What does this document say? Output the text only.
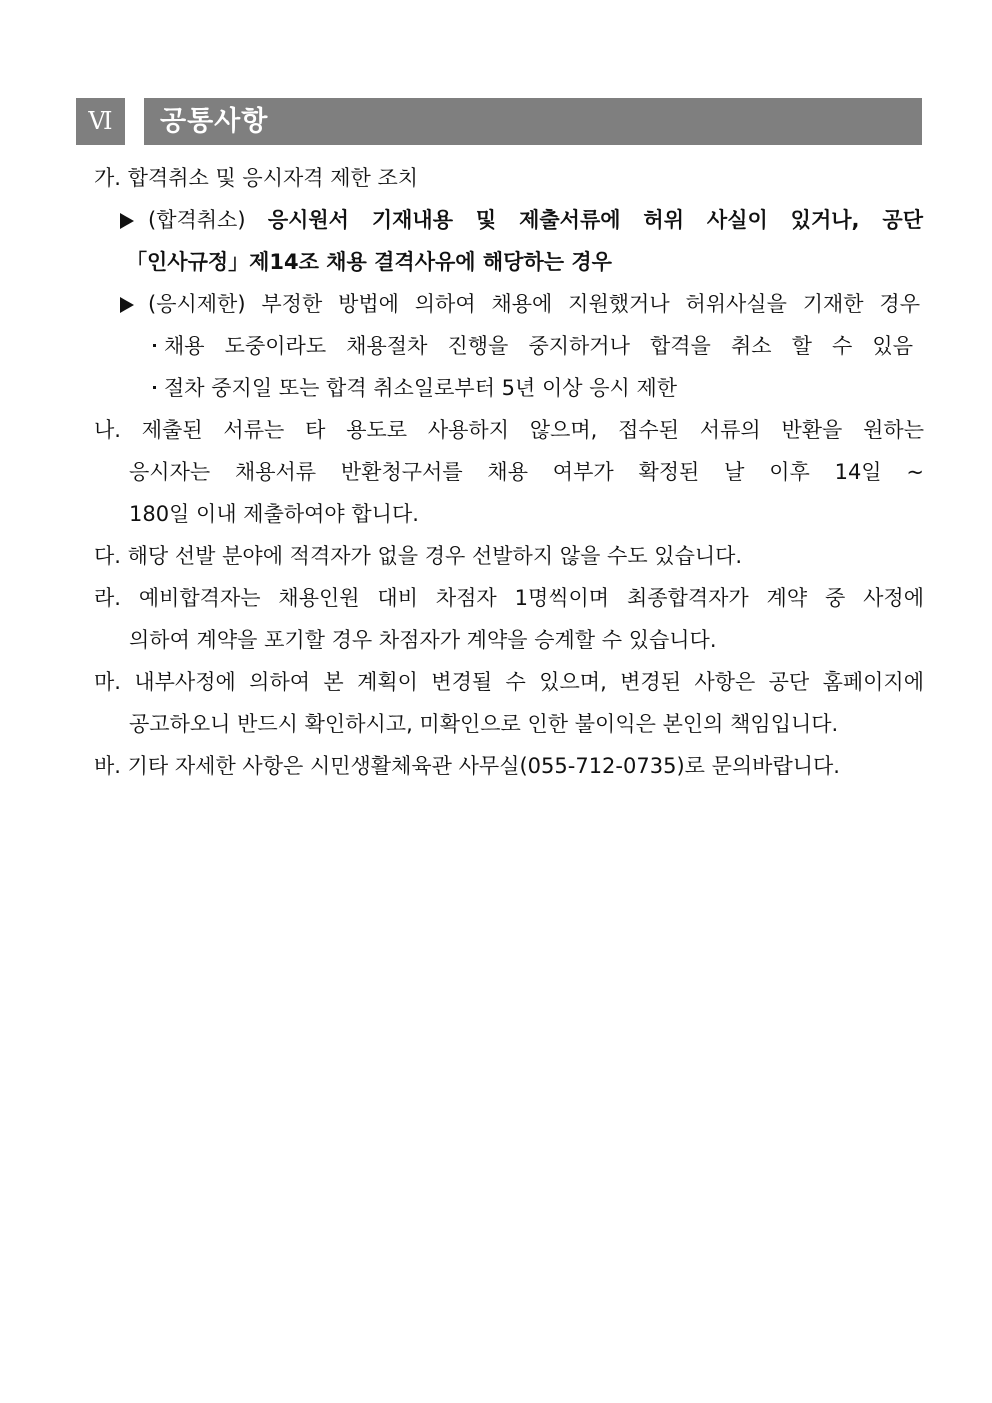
Ⅵ	공통사항
가. 합격취소 및 응시자격 제한 조치
(합격취소) 응시원서 기재내용 및 제출서류에 허위 사실이 있거나, 공단
「인사규정」제14조 채용 결격사유에 해당하는 경우
(응시제한) 부정한 방법에 의하여 채용에 지원했거나 허위사실을 기재한 경우
채용 도중이라도 채용절차 진행을 중지하거나 합격을 취소 할 수 있음
절차 중지일 또는 합격 취소일로부터 5년 이상 응시 제한
나. 제출된 서류는 타 용도로 사용하지 않으며, 접수된 서류의 반환을 원하는
응시자는 채용서류 반환청구서를 채용 여부가 확정된 날 이후 14일 ~
180일 이내 제출하여야 합니다.
다. 해당 선발 분야에 적격자가 없을 경우 선발하지 않을 수도 있습니다.
라. 예비합격자는 채용인원 대비 차점자 1명씩이며 최종합격자가 계약 중 사정에
의하여 계약을 포기할 경우 차점자가 계약을 승계할 수 있습니다.
마. 내부사정에 의하여 본 계획이 변경될 수 있으며, 변경된 사항은 공단 홈페이지에
공고하오니 반드시 확인하시고, 미확인으로 인한 불이익은 본인의 책임입니다.
바. 기타 자세한 사항은 시민생활체육관 사무실(055-712-0735)로 문의바랍니다.
